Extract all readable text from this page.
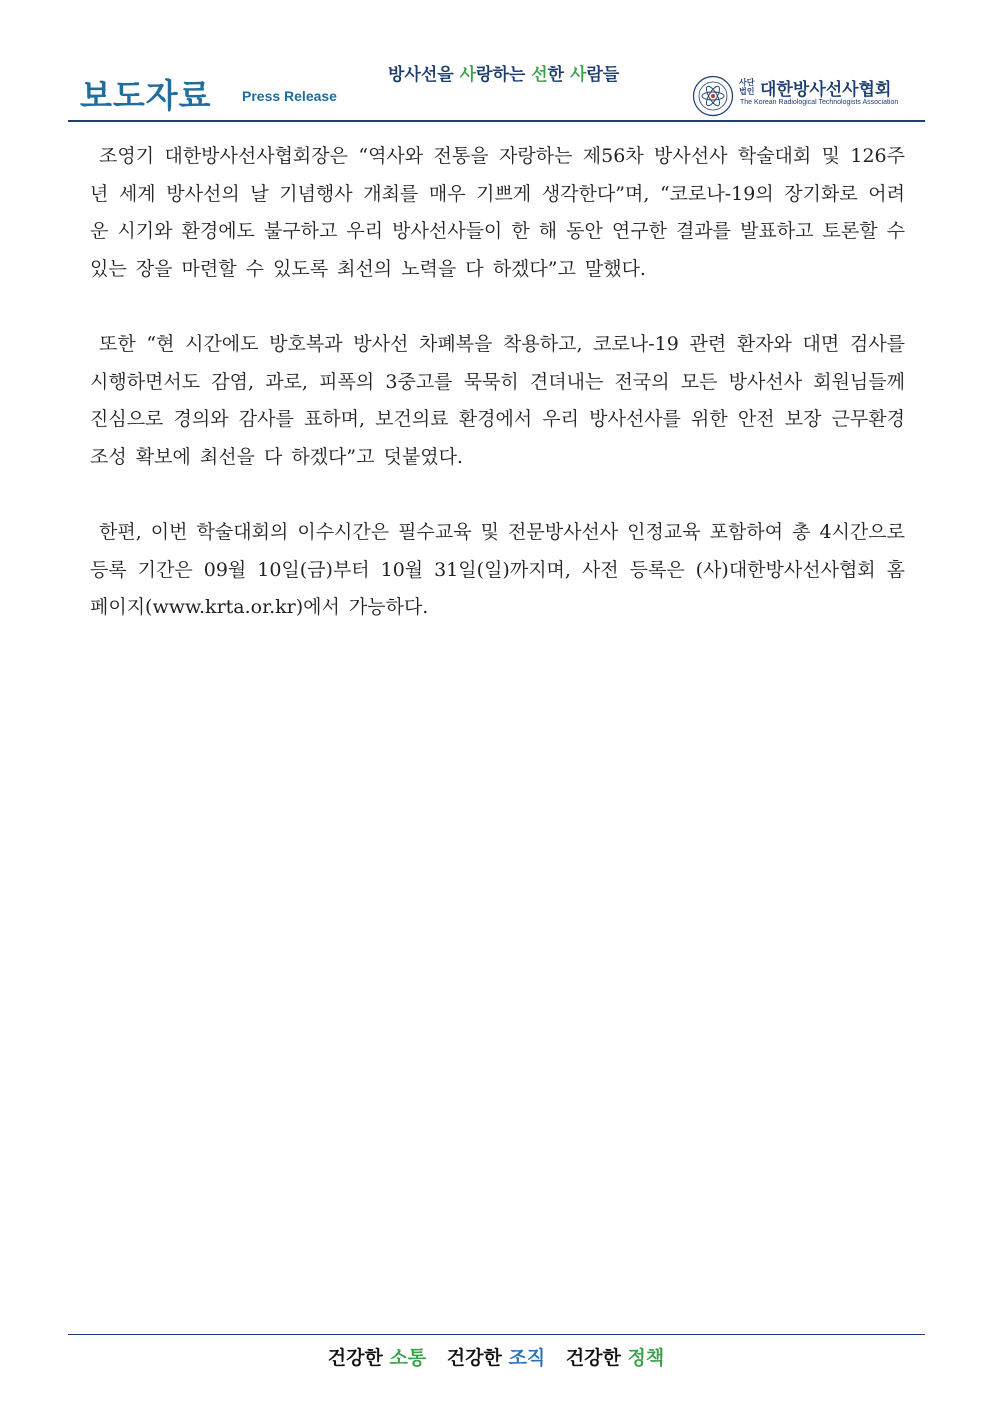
보도자료 Press Release
방사선을 사랑하는 선한 사람들	사단 법인 대한방사선사협회
The Korean Radiological Technologists Association

조영기 대한방사선사협회장은 “역사와 전통을 자랑하는 제56차 방사선사 학술대회 및 126주년 세계 방사선의 날 기념행사 개최를 매우 기쁘게 생각한다”며, “코로나-19의 장기화로 어려운 시기와 환경에도 불구하고 우리 방사선사들이 한 해 동안 연구한 결과를 발표하고 토론할 수 있는 장을 마련할 수 있도록 최선의 노력을 다 하겠다”고 말했다.

또한 “현 시간에도 방호복과 방사선 차폐복을 착용하고, 코로나-19 관련 환자와 대면 검사를 시행하면서도 감염, 과로, 피폭의 3중고를 묵묵히 견뎌내는 전국의 모든 방사선사 회원님들께 진심으로 경의와 감사를 표하며, 보건의료 환경에서 우리 방사선사를 위한 안전 보장 근무환경 조성 확보에 최선을 다 하겠다”고 덧붙였다.

한편, 이번 학술대회의 이수시간은 필수교육 및 전문방사선사 인정교육 포함하여 총 4시간으로 등록 기간은 09월 10일(금)부터 10월 31일(일)까지며, 사전 등록은 (사)대한방사선사협회 홈페이지(www.krta.or.kr)에서 가능하다.

건강한 소통 건강한 조직 건강한 정책
